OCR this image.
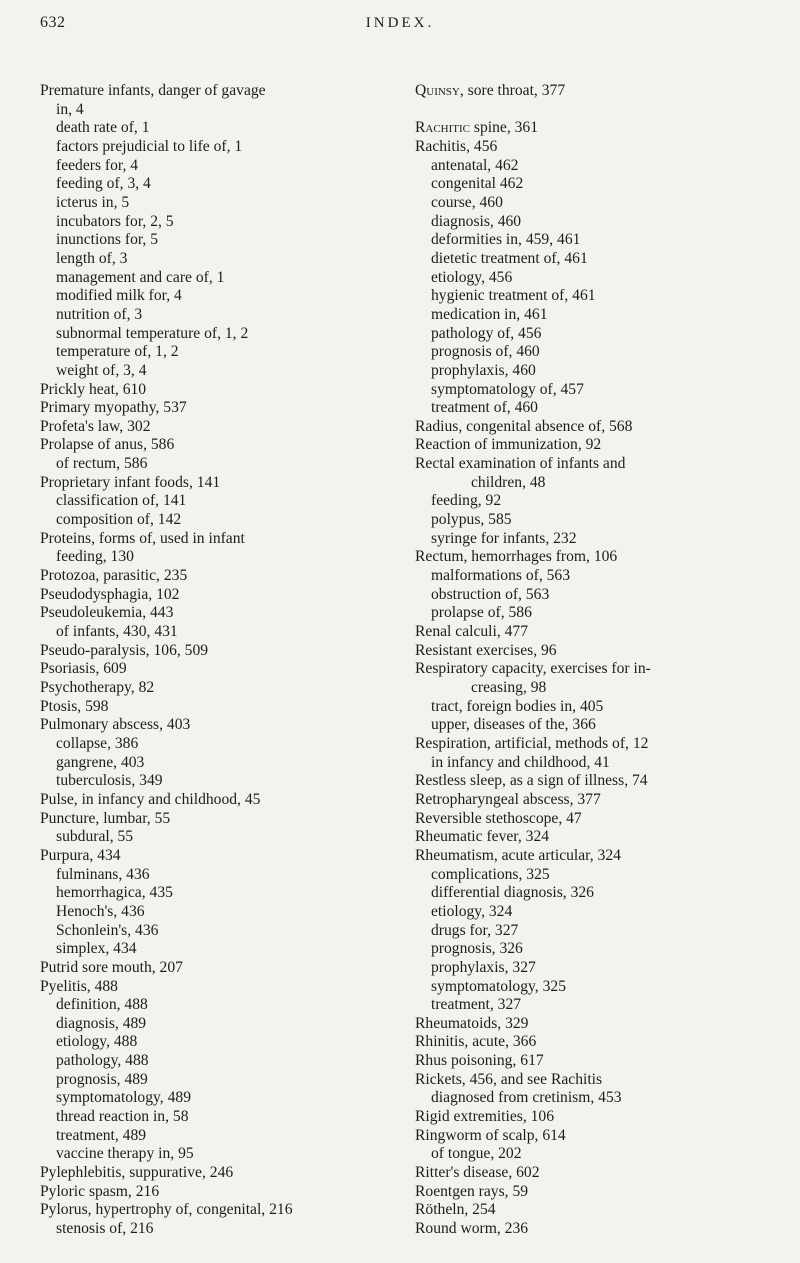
632	INDEX.
Premature infants, danger of gavage
in, 4
death rate of, 1
factors prejudicial to life of, 1
feeders for, 4
feeding of, 3, 4
icterus in, 5
incubators for, 2, 5
inunctions for, 5
length of, 3
management and care of, 1
modified milk for, 4
nutrition of, 3
subnormal temperature of, 1, 2
temperature of, 1, 2
weight of, 3, 4
Prickly heat, 610
Primary myopathy, 537
Profeta's law, 302
Prolapse of anus, 586
of rectum, 586
Proprietary infant foods, 141
classification of, 141
composition of, 142
Proteins, forms of, used in infant
feeding, 130
Protozoa, parasitic, 235
Pseudodysphagia, 102
Pseudoleukemia, 443
of infants, 430, 431
Pseudo-paralysis, 106, 509
Psoriasis, 609
Psychotherapy, 82
Ptosis, 598
Pulmonary abscess, 403
collapse, 386
gangrene, 403
tuberculosis, 349
Pulse, in infancy and childhood, 45
Puncture, lumbar, 55
subdural, 55
Purpura, 434
fulminans, 436
hemorrhagica, 435
Henoch's, 436
Schonlein's, 436
simplex, 434
Putrid sore mouth, 207
Pyelitis, 488
definition, 488
diagnosis, 489
etiology, 488
pathology, 488
prognosis, 489
symptomatology, 489
thread reaction in, 58
treatment, 489
vaccine therapy in, 95
Pylephlebitis, suppurative, 246
Pyloric spasm, 216
Pylorus, hypertrophy of, congenital, 216
stenosis of, 216
Quinsy, sore throat, 377

Rachitic spine, 361
Rachitis, 456
antenatal, 462
congenital 462
course, 460
diagnosis, 460
deformities in, 459, 461
dietetic treatment of, 461
etiology, 456
hygienic treatment of, 461
medication in, 461
pathology of, 456
prognosis of, 460
prophylaxis, 460
symptomatology of, 457
treatment of, 460
Radius, congenital absence of, 568
Reaction of immunization, 92
Rectal examination of infants and
children, 48
feeding, 92
polypus, 585
syringe for infants, 232
Rectum, hemorrhages from, 106
malformations of, 563
obstruction of, 563
prolapse of, 586
Renal calculi, 477
Resistant exercises, 96
Respiratory capacity, exercises for in-
creasing, 98
tract, foreign bodies in, 405
upper, diseases of the, 366
Respiration, artificial, methods of, 12
in infancy and childhood, 41
Restless sleep, as a sign of illness, 74
Retropharyngeal abscess, 377
Reversible stethoscope, 47
Rheumatic fever, 324
Rheumatism, acute articular, 324
complications, 325
differential diagnosis, 326
etiology, 324
drugs for, 327
prognosis, 326
prophylaxis, 327
symptomatology, 325
treatment, 327
Rheumatoids, 329
Rhinitis, acute, 366
Rhus poisoning, 617
Rickets, 456, and see Rachitis
diagnosed from cretinism, 453
Rigid extremities, 106
Ringworm of scalp, 614
of tongue, 202
Ritter's disease, 602
Roentgen rays, 59
Rötheln, 254
Round worm, 236
